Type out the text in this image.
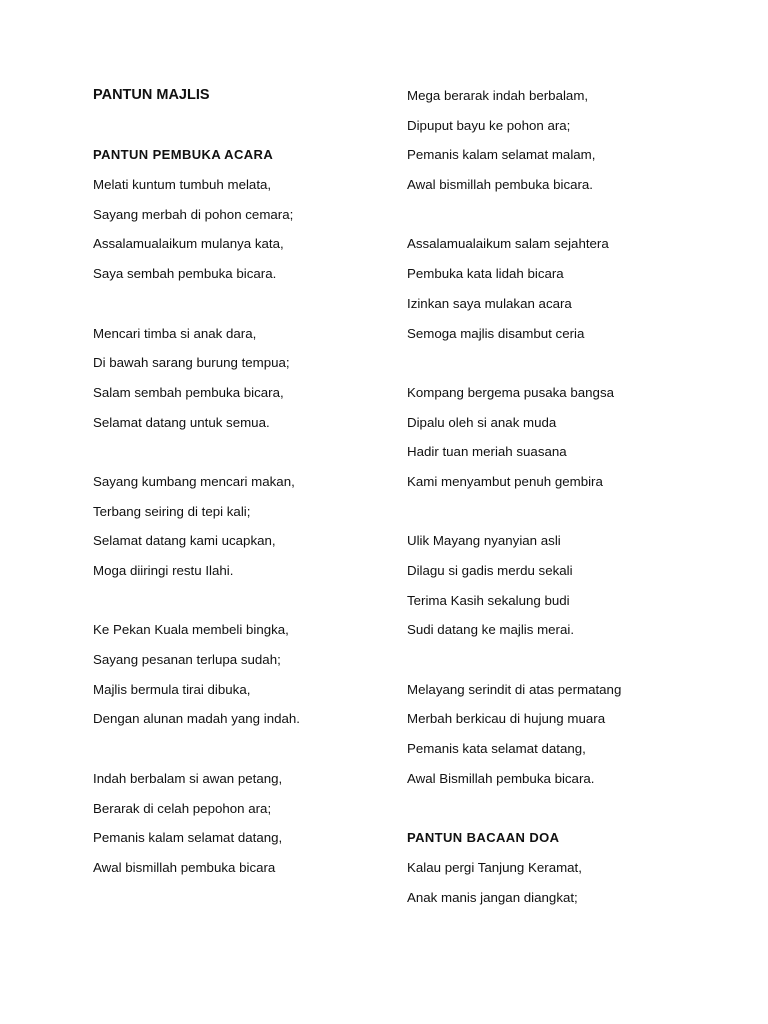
PANTUN MAJLIS
PANTUN PEMBUKA ACARA
Melati kuntum tumbuh melata,
Sayang merbah di pohon cemara;
Assalamualaikum mulanya kata,
Saya sembah pembuka bicara.
Mencari timba si anak dara,
Di bawah sarang burung tempua;
Salam sembah pembuka bicara,
Selamat datang untuk semua.
Sayang kumbang mencari makan,
Terbang seiring di tepi kali;
Selamat datang kami ucapkan,
Moga diiringi restu Ilahi.
Ke Pekan Kuala membeli bingka,
Sayang pesanan terlupa sudah;
Majlis bermula tirai dibuka,
Dengan alunan madah yang indah.
Indah berbalam si awan petang,
Berarak di celah pepohon ara;
Pemanis kalam selamat datang,
Awal bismillah pembuka bicara
Mega berarak indah berbalam,
Dipuput bayu ke pohon ara;
Pemanis kalam selamat malam,
Awal bismillah pembuka bicara.
Assalamualaikum salam sejahtera
Pembuka kata lidah bicara
Izinkan saya mulakan acara
Semoga majlis disambut ceria
Kompang bergema pusaka bangsa
Dipalu oleh si anak muda
Hadir tuan meriah suasana
Kami menyambut penuh gembira
Ulik Mayang nyanyian asli
Dilagu si gadis merdu sekali
Terima Kasih sekalung budi
Sudi datang ke majlis merai.
Melayang serindit di atas permatang
Merbah berkicau di hujung muara
Pemanis kata selamat datang,
Awal Bismillah pembuka bicara.
PANTUN BACAAN DOA
Kalau pergi Tanjung Keramat,
Anak manis jangan diangkat;
